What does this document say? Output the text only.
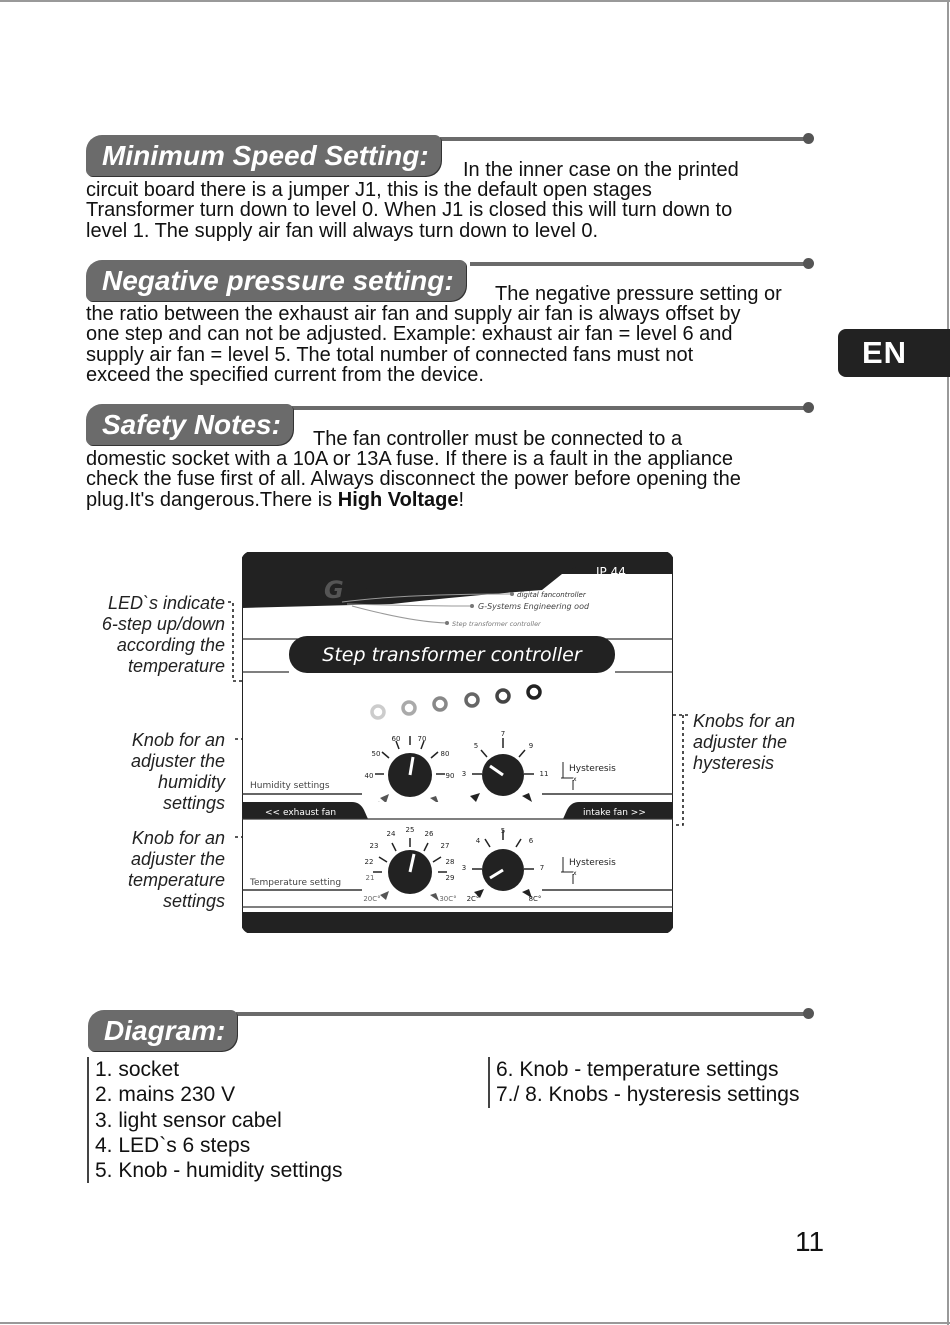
Minimum Speed Setting:	In the inner case on the printed
circuit board there is a jumper J1, this is the default open stages
Transformer turn down to level 0. When J1 is closed this will turn down to
level 1. The supply air fan will always turn down to level 0.
Negative pressure setting:	The negative pressure setting or
the ratio between the exhaust air fan and supply air fan is always offset by
one step and can not be adjusted. Example: exhaust air fan = level 6 and
supply air fan = level 5. The total number of connected fans must not
exceed the specified current from the device.
EN
Safety Notes:	The fan controller must be connected to a
domestic socket with a 10A or 13A fuse. If there is a fault in the appliance
check the fuse first of all. Always disconnect the power before opening the
plug.It's dangerous.There is High Voltage!
LED`s indicate
6-step up/down
according the
temperature
Knob for an
adjuster the
humidity
settings
Knob for an
adjuster the
temperature
settings
Knobs for an
adjuster the
hysteresis
IP 44
G SE	digital fancontroller
G-Systems Engineering ood
Step transformer controller
Step transformer controller
Humidity settings
40
50
60 70
80
90 3
5
7
9
11 Hysteresis
x
<< exhaust fan	intake fan >>
Temperature setting	21
22
23
24 25 26
27
28
29
20C°	30C°
3
4
5
6
7
2C°	8C°
Hysteresis
x
Diagram:
1. socket
2. mains 230 V
3. light sensor cabel
4. LED`s 6 steps
5. Knob - humidity settings
6. Knob - temperature settings
7./ 8. Knobs - hysteresis settings
11
